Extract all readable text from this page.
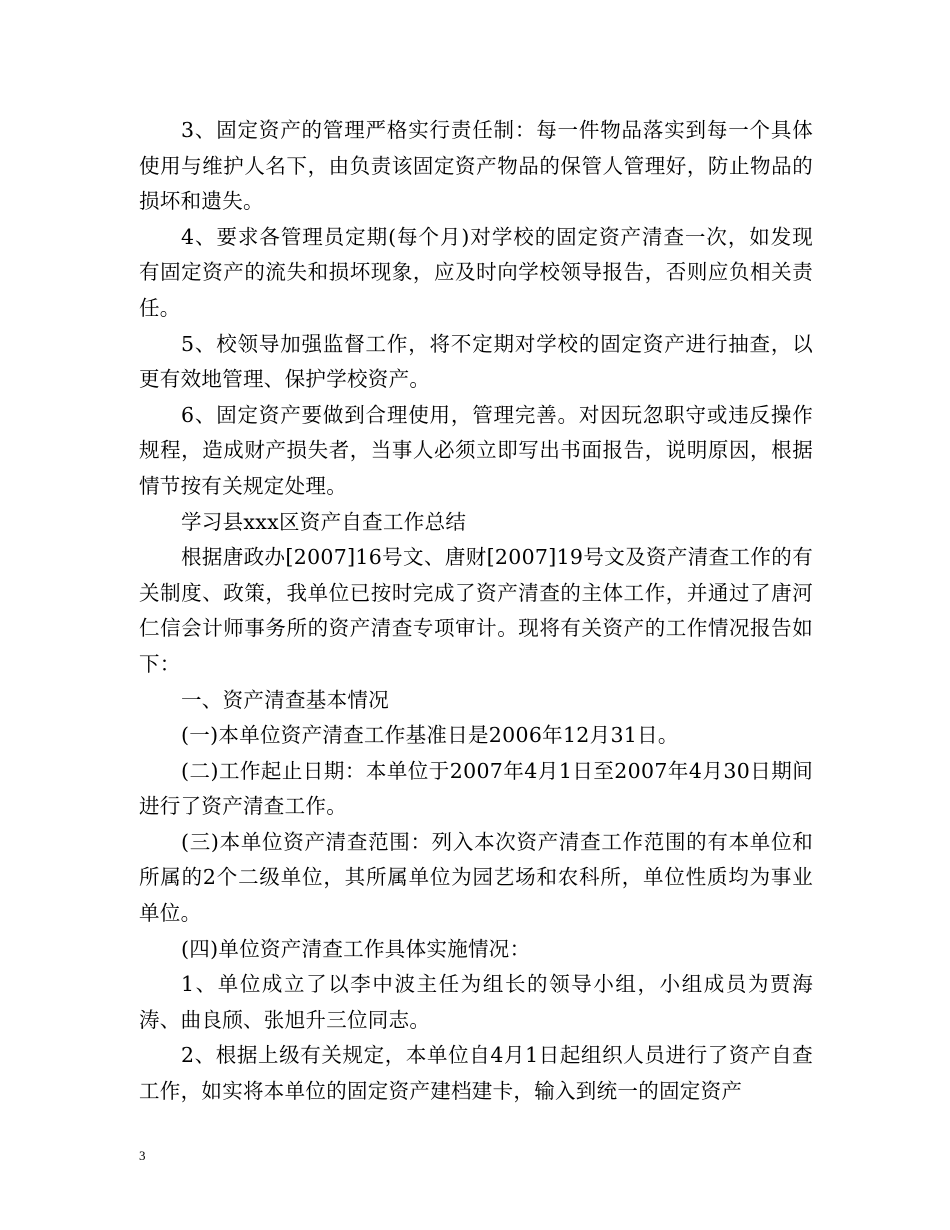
3、固定资产的管理严格实行责任制：每一件物品落实到每一个具体使用与维护人名下，由负责该固定资产物品的保管人管理好，防止物品的损坏和遗失。

4、要求各管理员定期(每个月)对学校的固定资产清查一次，如发现有固定资产的流失和损坏现象，应及时向学校领导报告，否则应负相关责任。

5、校领导加强监督工作，将不定期对学校的固定资产进行抽查，以更有效地管理、保护学校资产。

6、固定资产要做到合理使用，管理完善。对因玩忽职守或违反操作规程，造成财产损失者，当事人必须立即写出书面报告，说明原因，根据情节按有关规定处理。

学习县xxx区资产自查工作总结

根据唐政办[2007]16号文、唐财[2007]19号文及资产清查工作的有关制度、政策，我单位已按时完成了资产清查的主体工作，并通过了唐河仁信会计师事务所的资产清查专项审计。现将有关资产的工作情况报告如下：

一、资产清查基本情况

(一)本单位资产清查工作基准日是2006年12月31日。

(二)工作起止日期：本单位于2007年4月1日至2007年4月30日期间进行了资产清查工作。

(三)本单位资产清查范围：列入本次资产清查工作范围的有本单位和所属的2个二级单位，其所属单位为园艺场和农科所，单位性质均为事业单位。

(四)单位资产清查工作具体实施情况：

1、单位成立了以李中波主任为组长的领导小组，小组成员为贾海涛、曲良颀、张旭升三位同志。

2、根据上级有关规定，本单位自4月1日起组织人员进行了资产自查工作，如实将本单位的固定资产建档建卡，输入到统一的固定资产

3
